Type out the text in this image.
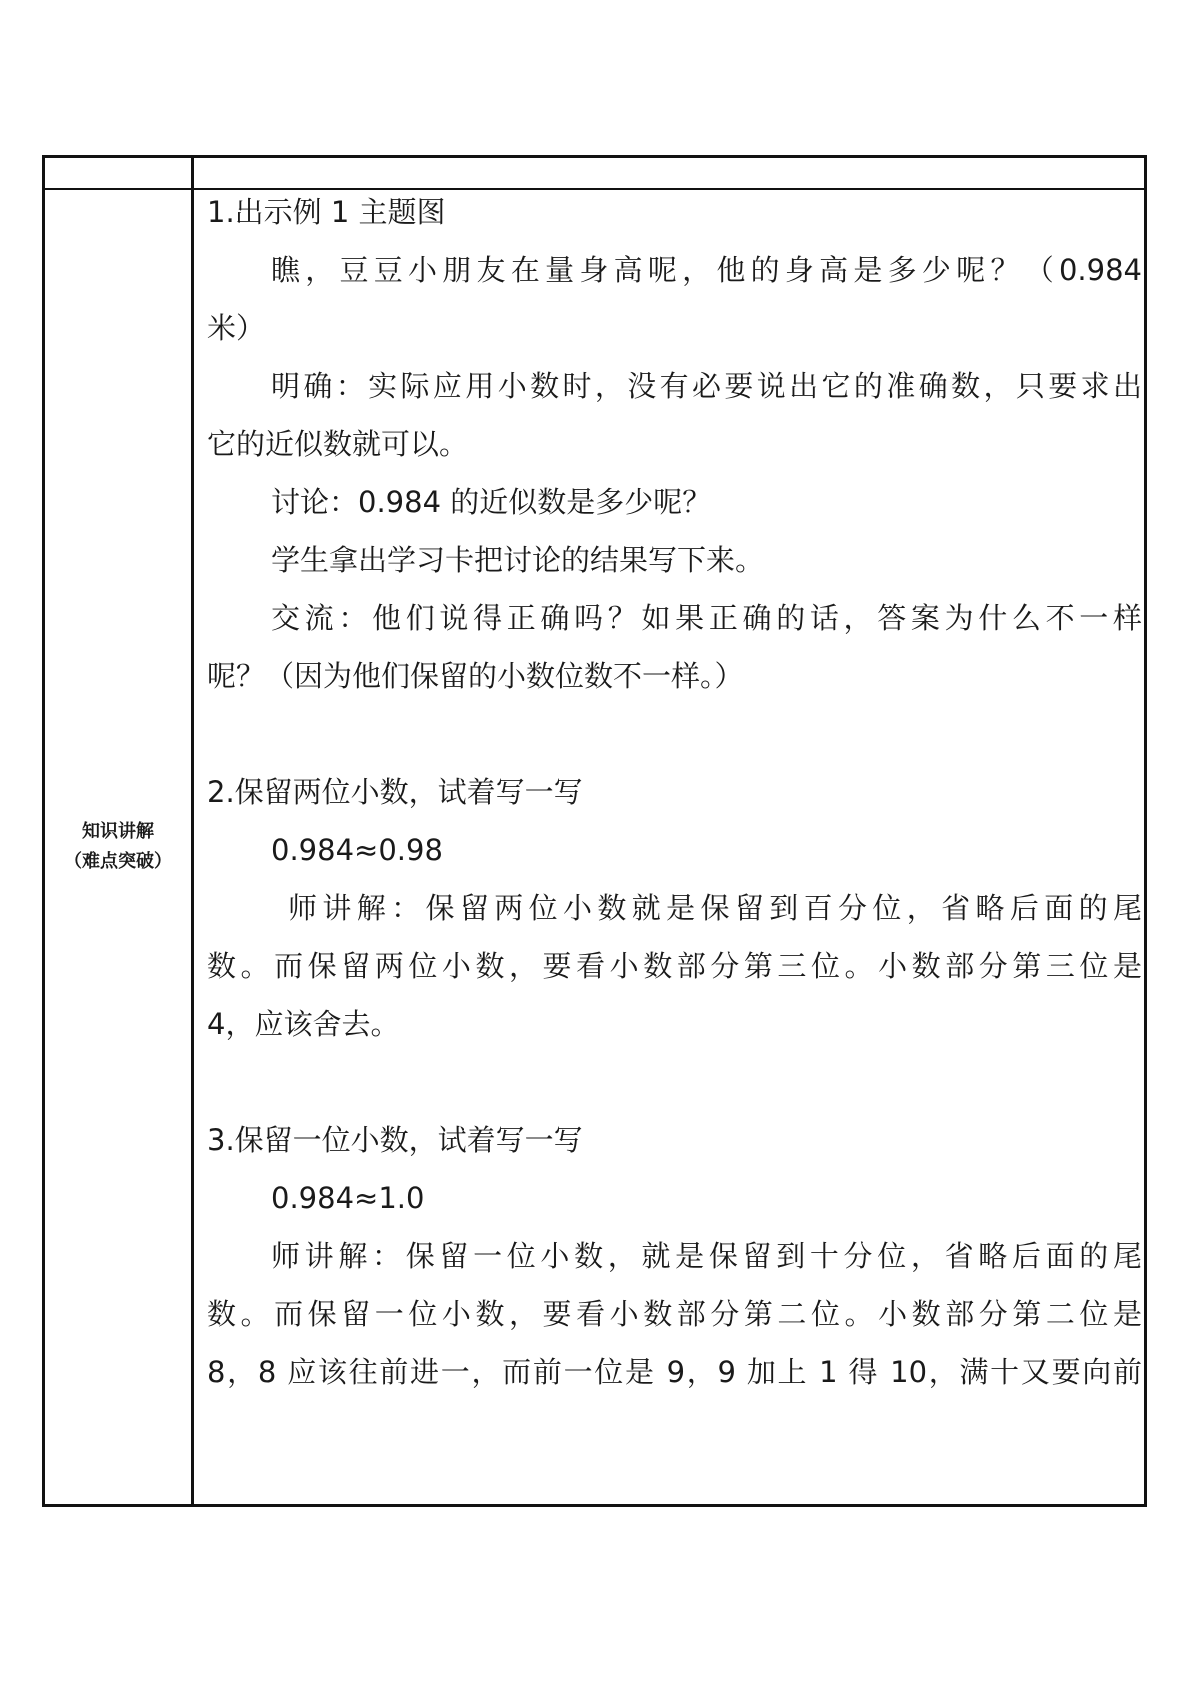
知识讲解
（难点突破）
1.出示例 1 主题图
瞧，豆豆小朋友在量身高呢，他的身高是多少呢？（0.984
米）
明确：实际应用小数时，没有必要说出它的准确数，只要求出
它的近似数就可以。
讨论：0.984 的近似数是多少呢？
学生拿出学习卡把讨论的结果写下来。
交流：他们说得正确吗？如果正确的话，答案为什么不一样
呢？（因为他们保留的小数位数不一样。）
2.保留两位小数，试着写一写
0.984≈0.98
师讲解：保留两位小数就是保留到百分位，省略后面的尾
数。而保留两位小数，要看小数部分第三位。小数部分第三位是
4，应该舍去。
3.保留一位小数，试着写一写
0.984≈1.0
师讲解：保留一位小数，就是保留到十分位，省略后面的尾
数。而保留一位小数，要看小数部分第二位。小数部分第二位是
8，8 应该往前进一，而前一位是 9，9 加上 1 得 10，满十又要向前
